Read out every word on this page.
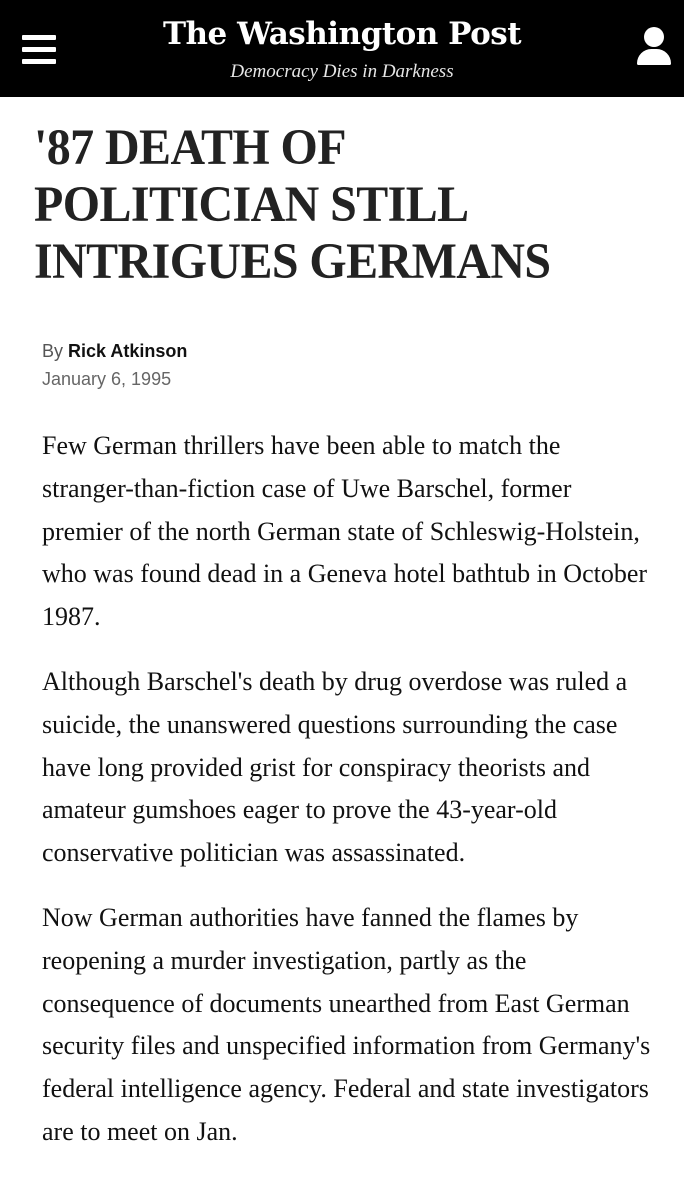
The Washington Post
Democracy Dies in Darkness
'87 DEATH OF POLITICIAN STILL INTRIGUES GERMANS
By Rick Atkinson
January 6, 1995

Few German thrillers have been able to match the stranger-than-fiction case of Uwe Barschel, former premier of the north German state of Schleswig-Holstein, who was found dead in a Geneva hotel bathtub in October 1987.

Although Barschel's death by drug overdose was ruled a suicide, the unanswered questions surrounding the case have long provided grist for conspiracy theorists and amateur gumshoes eager to prove the 43-year-old conservative politician was assassinated.

Now German authorities have fanned the flames by reopening a murder investigation, partly as the consequence of documents unearthed from East German security files and unspecified information from Germany's federal intelligence agency. Federal and state investigators are to meet on Jan.
